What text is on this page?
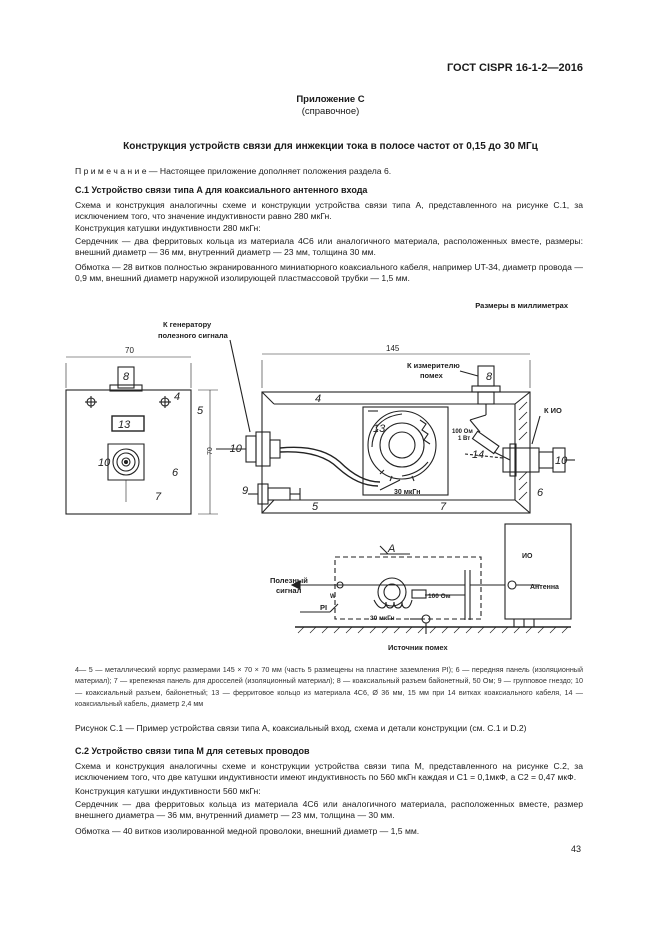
ГОСТ CISPR 16-1-2—2016
Приложение С
(справочное)
Конструкция устройств связи для инжекции тока в полосе частот от 0,15 до 30 МГц
П р и м е ч а н и е — Настоящее приложение дополняет положения раздела 6.
С.1 Устройство связи типа А для коаксиального антенного входа
Схема и конструкция аналогичны схеме и конструкции устройства связи типа А, представленного на рисунке С.1, за исключением того, что значение индуктивности равно 280 мкГн.
Конструкция катушки индуктивности 280 мкГн:
Сердечник — два ферритовых кольца из материала 4С6 или аналогичного материала, расположенных вместе, размеры: внешний диаметр — 36 мм, внутренний диаметр — 23 мм, толщина 30 мм.
Обмотка — 28 витков полностью экранированного миниатюрного коаксиального кабеля, например UT-34, диаметр провода — 0,9 мм, внешний диаметр наружной изолирующей пластмассовой трубки — 1,5 мм.
Размеры в миллиметрах
К генератору
полезного сигнала
70	145
70
К измерителю
помех
К ИО
100 Ом
1 Вт
30 мкГн
4
5
6
7
8
13
10
4
5
9
-10
13
14
7
8
10
6
A
Полезный
сигнал
PI
W
30 мкГн
100 Ом
ИО
Антенна
Источник помех
4— 5 — металлический корпус размерами 145 × 70 × 70 мм (часть 5 размещены на пластине заземления PI); 6 — передняя панель (изоляционный материал); 7 — крепежная панель для дросселей (изоляционный материал); 8 — коаксиальный разъем байонетный, 50 Ом; 9 — групповое гнездо; 10 — коаксиальный разъем, байонетный; 13 — ферритовое кольцо из материала 4С6, Ø 36 мм, 15 мм при 14 витках коаксиального кабеля, 14 — коаксиальный кабель, диаметр 2,4 мм
Рисунок С.1 — Пример устройства связи типа А, коаксиальный вход, схема и детали конструкции (см. С.1 и D.2)
С.2 Устройство связи типа М для сетевых проводов
Схема и конструкция аналогичны схеме и конструкции устройства связи типа М, представленного на рисунке С.2, за исключением того, что две катушки индуктивности имеют индуктивность по 560 мкГн каждая и С1 = 0,1мкФ, а С2 = 0,47 мкФ.
Конструкция катушки индуктивности 560 мкГн:
Сердечник — два ферритовых кольца из материала 4С6 или аналогичного материала, расположенных вместе, размер внешнего диаметра — 36 мм, внутренний диаметр — 23 мм, толщина — 30 мм.
Обмотка — 40 витков изолированной медной проволоки, внешний диаметр — 1,5 мм.
43
